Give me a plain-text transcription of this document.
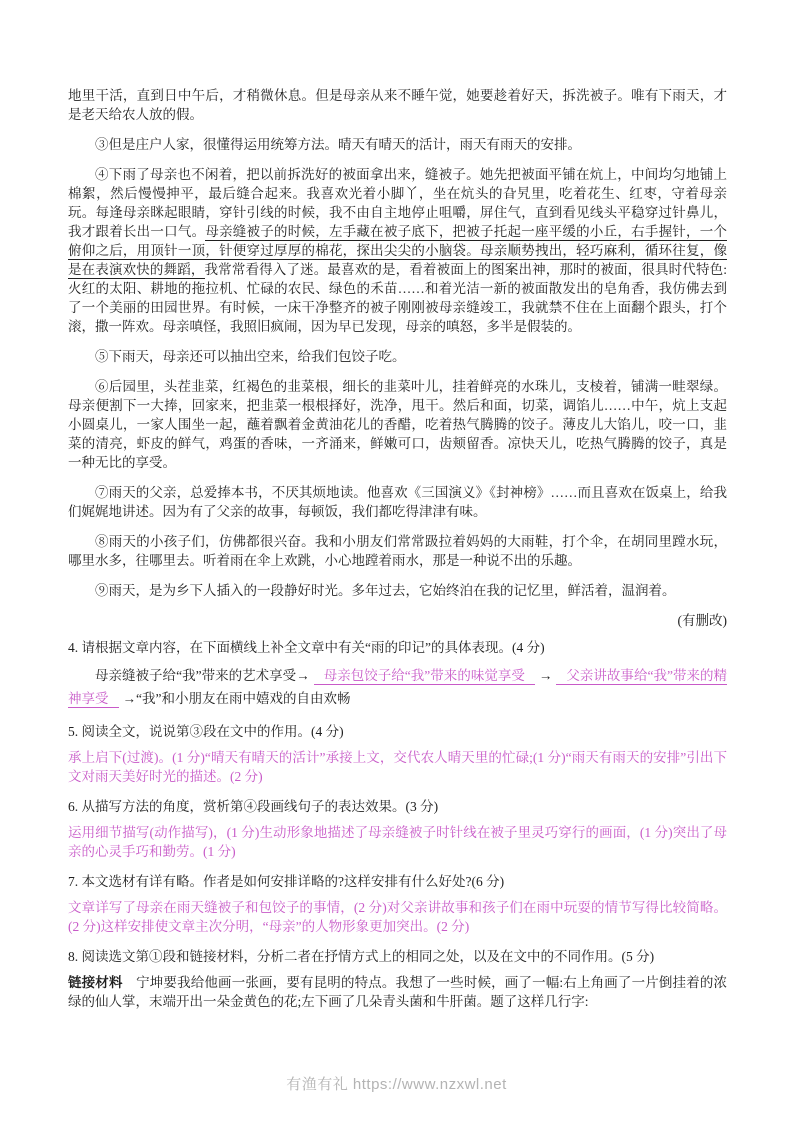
地里干活，直到日中午后，才稍微休息。但是母亲从来不睡午觉，她要趁着好天，拆洗被子。唯有下雨天，才是老天给农人放的假。

③但是庄户人家，很懂得运用统筹方法。晴天有晴天的活计，雨天有雨天的安排。

④下雨了母亲也不闲着，把以前拆洗好的被面拿出来，缝被子。她先把被面平铺在炕上，中间均匀地铺上棉絮，然后慢慢抻平，最后缝合起来。我喜欢光着小脚丫，坐在炕头的旮旯里，吃着花生、红枣，守着母亲玩。每逢母亲眯起眼睛，穿针引线的时候，我不由自主地停止咀嚼，屏住气，直到看见线头平稳穿过针鼻儿，我才跟着长出一口气。母亲缝被子的时候，左手藏在被子底下，把被子托起一座平缓的小丘，右手握针，一个俯仰之后，用顶针一顶，针便穿过厚厚的棉花，探出尖尖的小脑袋。母亲顺势拽出，轻巧麻利，循环往复，像是在表演欢快的舞蹈，我常常看得入了迷。最喜欢的是，看着被面上的图案出神，那时的被面，很具时代特色:火红的太阳、耕地的拖拉机、忙碌的农民、绿色的禾苗……和着光洁一新的被面散发出的皂角香，我仿佛去到了一个美丽的田园世界。有时候，一床干净整齐的被子刚刚被母亲缝竣工，我就禁不住在上面翻个跟头，打个滚，撒一阵欢。母亲嗔怪，我照旧疯闹，因为早已发现，母亲的嗔怒，多半是假装的。

⑤下雨天，母亲还可以抽出空来，给我们包饺子吃。

⑥后园里，头茬韭菜，红褐色的韭菜根，细长的韭菜叶儿，挂着鲜亮的水珠儿，支棱着，铺满一畦翠绿。母亲便割下一大捧，回家来，把韭菜一根根择好，洗净，甩干。然后和面，切菜，调馅儿……中午，炕上支起小圆桌儿，一家人围坐一起，蘸着飘着金黄油花儿的香醋，吃着热气腾腾的饺子。薄皮儿大馅儿，咬一口，韭菜的清亮，虾皮的鲜气，鸡蛋的香味，一齐涌来，鲜嫩可口，齿颊留香。凉快天儿，吃热气腾腾的饺子，真是一种无比的享受。

⑦雨天的父亲，总爱捧本书，不厌其烦地读。他喜欢《三国演义》《封神榜》……而且喜欢在饭桌上，给我们娓娓地讲述。因为有了父亲的故事，每顿饭，我们都吃得津津有味。

⑧雨天的小孩子们，仿佛都很兴奋。我和小朋友们常常趿拉着妈妈的大雨鞋，打个伞，在胡同里蹚水玩，哪里水多，往哪里去。听着雨在伞上欢跳，小心地蹚着雨水，那是一种说不出的乐趣。

⑨雨天，是为乡下人插入的一段静好时光。多年过去，它始终泊在我的记忆里，鲜活着，温润着。

(有删改)

4. 请根据文章内容，在下面横线上补全文章中有关“雨的印记”的具体表现。(4 分)

母亲缝被子给“我”带来的艺术享受→ 母亲包饺子给“我”带来的味觉享受 → 父亲讲故事给“我”带来的精神享受 →“我”和小朋友在雨中嬉戏的自由欢畅

5. 阅读全文，说说第③段在文中的作用。(4 分)

承上启下(过渡)。(1 分)“晴天有晴天的活计”承接上文，交代农人晴天里的忙碌;(1 分)“雨天有雨天的安排”引出下文对雨天美好时光的描述。(2 分)

6. 从描写方法的角度，赏析第④段画线句子的表达效果。(3 分)

运用细节描写(动作描写)，(1 分)生动形象地描述了母亲缝被子时针线在被子里灵巧穿行的画面，(1 分)突出了母亲的心灵手巧和勤劳。(1 分)

7. 本文选材有详有略。作者是如何安排详略的?这样安排有什么好处?(6 分)

文章详写了母亲在雨天缝被子和包饺子的事情，(2 分)对父亲讲故事和孩子们在雨中玩耍的情节写得比较简略。(2 分)这样安排使文章主次分明，“母亲”的人物形象更加突出。(2 分)

8. 阅读选文第①段和链接材料，分析二者在抒情方式上的相同之处，以及在文中的不同作用。(5 分)

链接材料 宁坤要我给他画一张画，要有昆明的特点。我想了一些时候，画了一幅:右上角画了一片倒挂着的浓绿的仙人掌，末端开出一朵金黄色的花;左下画了几朵青头菌和牛肝菌。题了这样几行字:

有渔有礼 https://www.nzxwl.net
